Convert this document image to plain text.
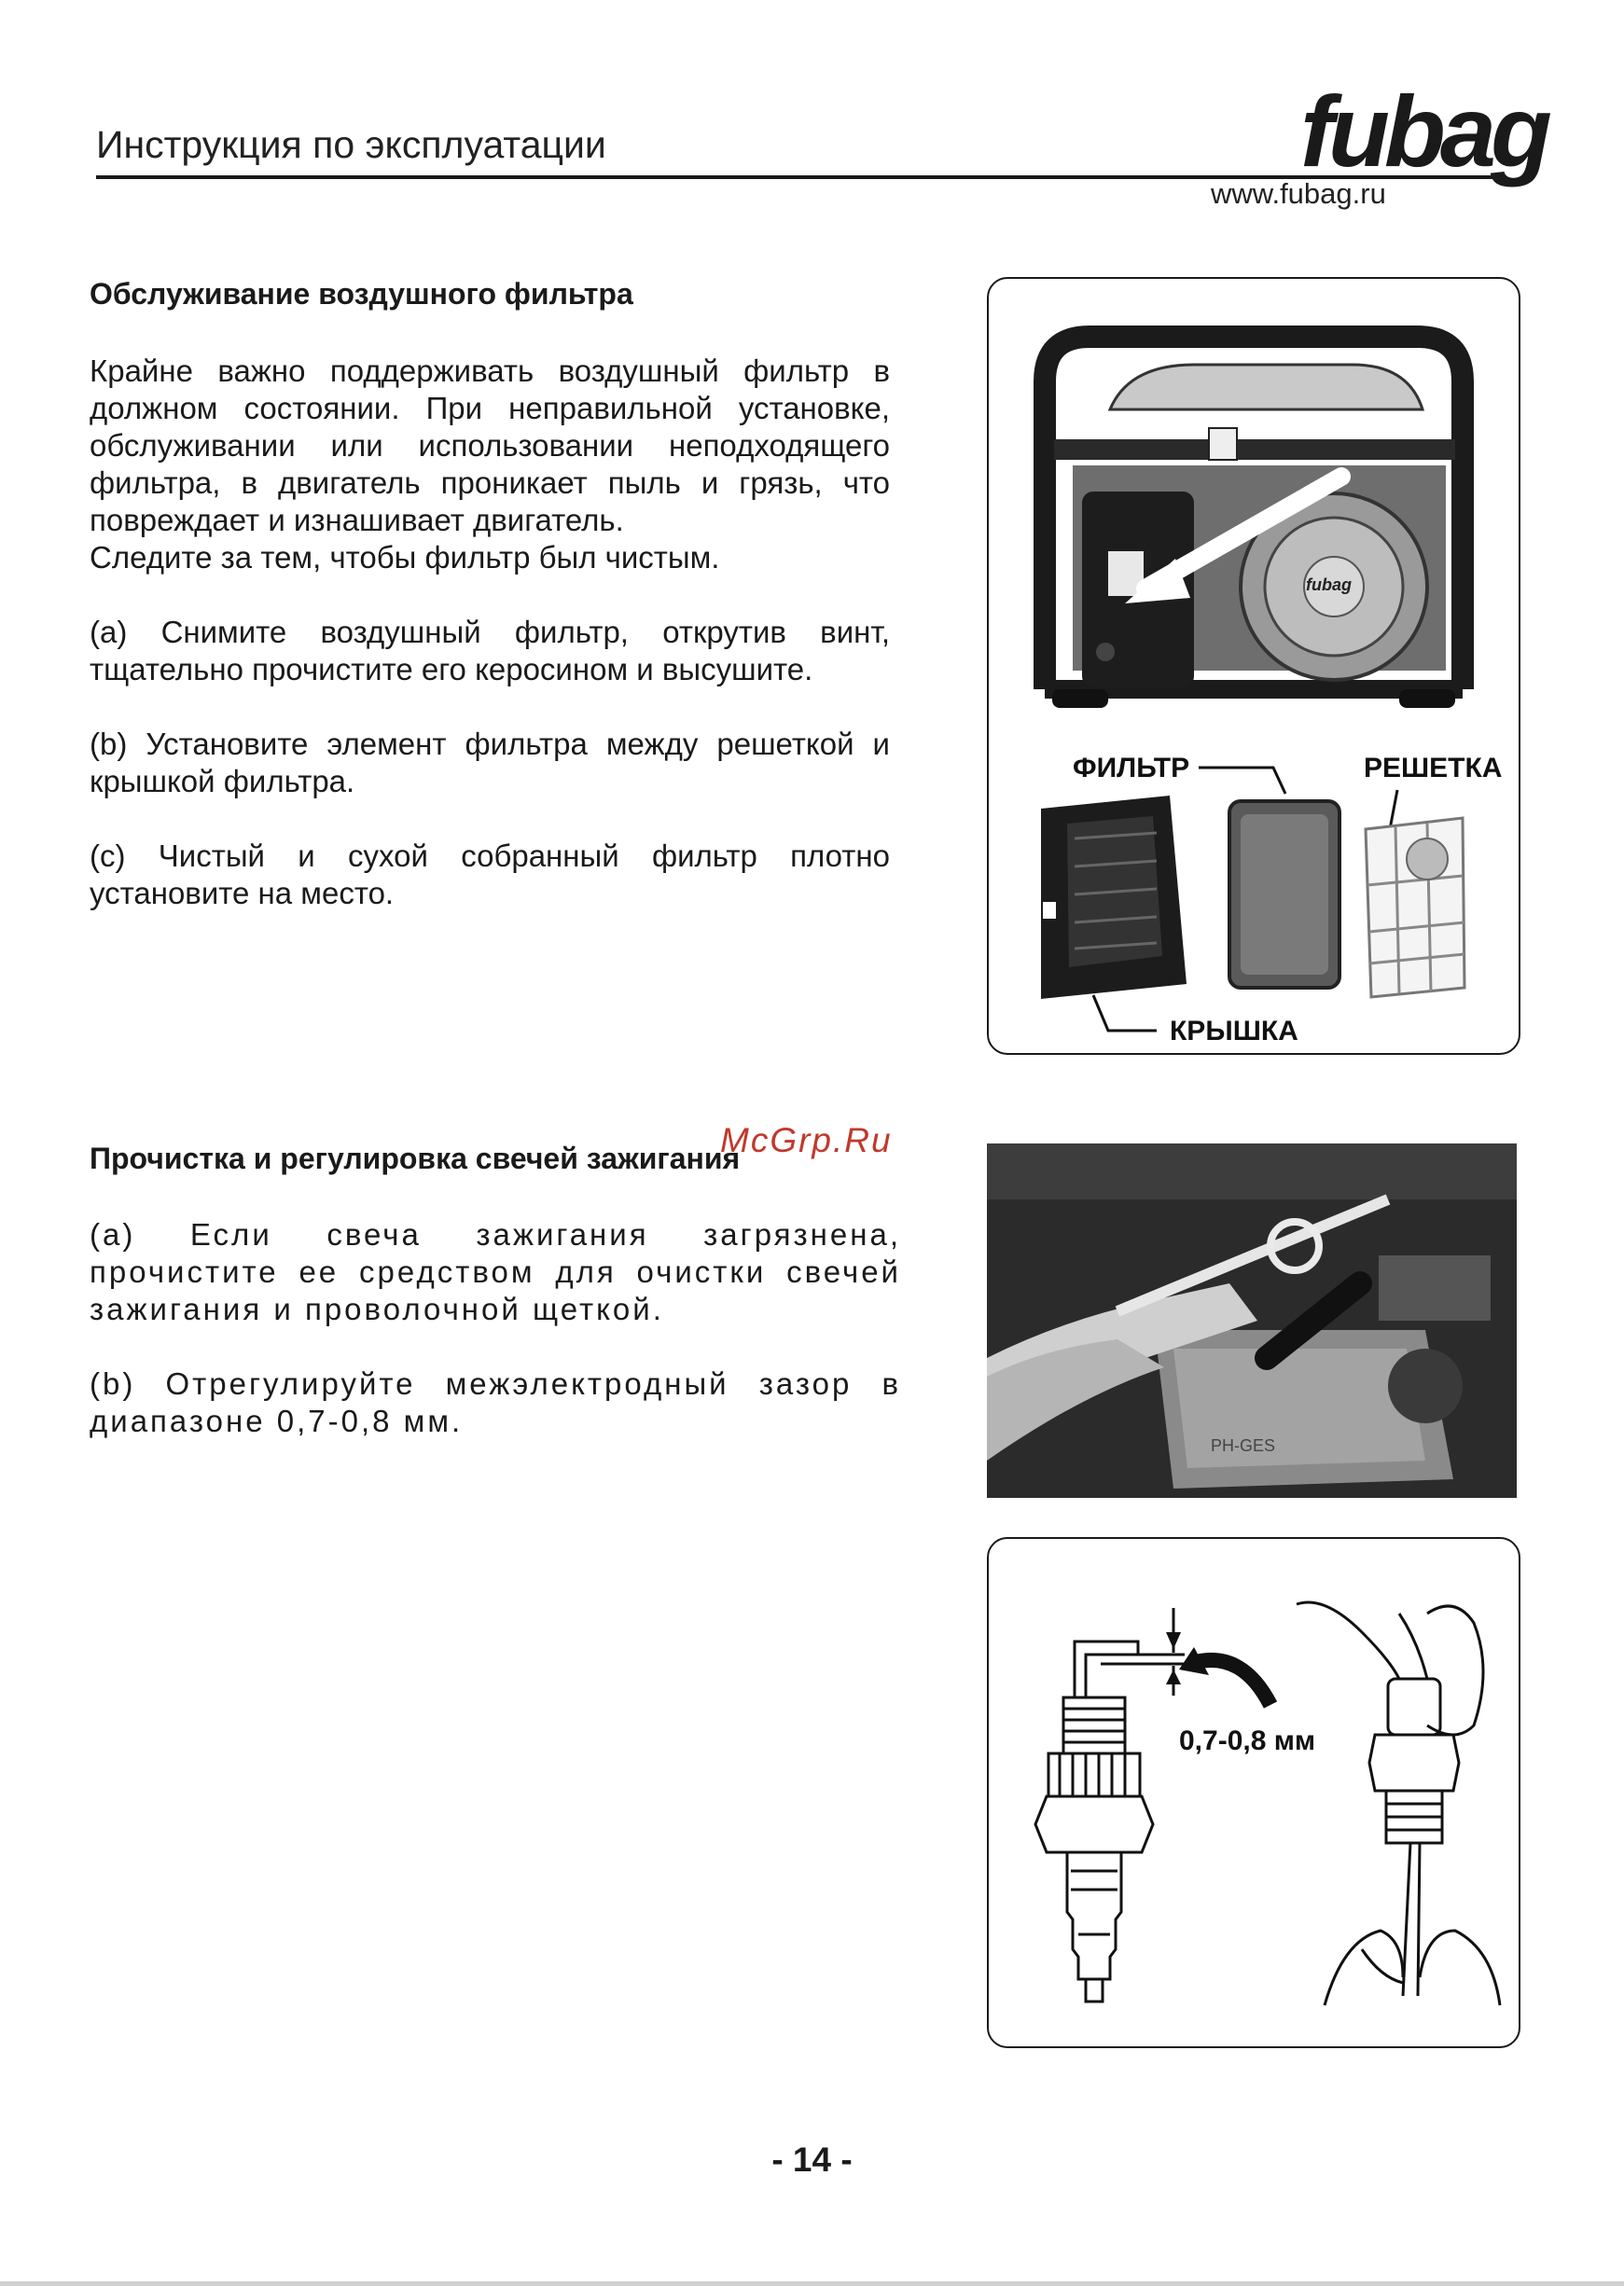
Инструкция по эксплуатации	fubag
www.fubag.ru
Обслуживание воздушного фильтра
Крайне важно поддерживать воздушный фильтр в должном состоянии. При неправильной установке, обслуживании или использовании неподходящего фильтра, в двигатель проникает пыль и грязь, что повреждает и изнашивает двигатель.
Следите за тем, чтобы фильтр был чистым.
(a) Снимите воздушный фильтр, открутив винт, тщательно прочистите его керосином и высушите.
(b) Установите элемент фильтра между решеткой и крышкой фильтра.
(c) Чистый и сухой собранный фильтр плотно установите на место.
fubag
ФИЛЬТР	РЕШЕТКА
КРЫШКА
Прочистка и регулировка свечей зажигания
McGrp.Ru
(a) Если свеча зажигания загрязнена, прочистите ее средством для очистки свечей зажигания и проволочной щеткой.
(b) Отрегулируйте межэлектродный зазор в диапазоне 0,7-0,8 мм.
PH-GES
0,7-0,8 мм
- 14 -
